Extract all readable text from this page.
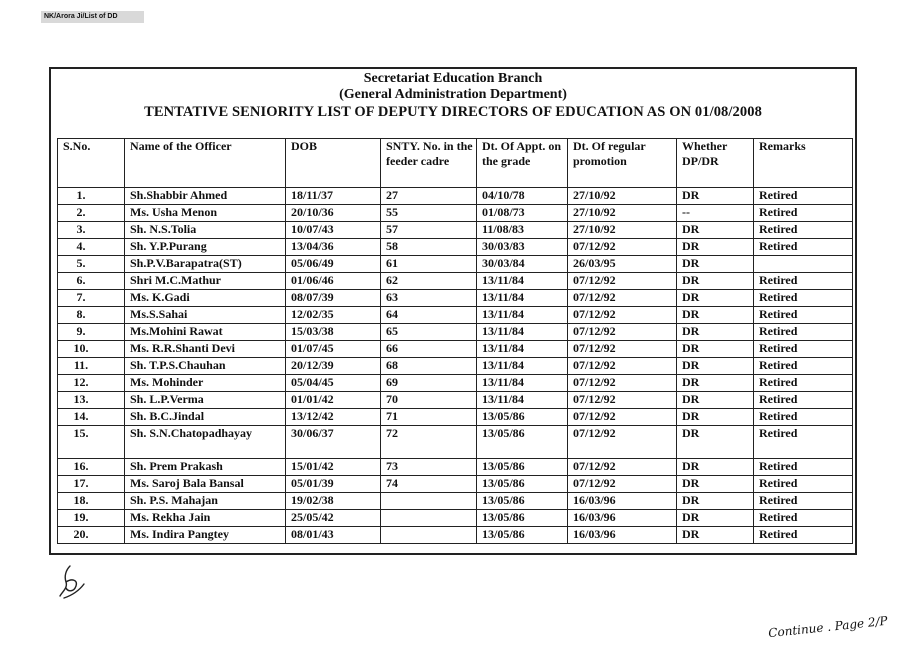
NK/Arora Ji/List of DD
Secretariat Education Branch
(General Administration Department)
TENTATIVE SENIORITY LIST OF DEPUTY DIRECTORS OF EDUCATION AS ON 01/08/2008
S.No.	Name of the Officer	DOB	SNTY. No. in the feeder cadre	Dt. Of Appt. on the grade	Dt. Of regular promotion	Whether DP/DR	Remarks
1.	Sh.Shabbir Ahmed	18/11/37	27	04/10/78	27/10/92	DR	Retired
2.	Ms. Usha Menon	20/10/36	55	01/08/73	27/10/92	--	Retired
3.	Sh. N.S.Tolia	10/07/43	57	11/08/83	27/10/92	DR	Retired
4.	Sh. Y.P.Purang	13/04/36	58	30/03/83	07/12/92	DR	Retired
5.	Sh.P.V.Barapatra(ST)	05/06/49	61	30/03/84	26/03/95	DR	
6.	Shri M.C.Mathur	01/06/46	62	13/11/84	07/12/92	DR	Retired
7.	Ms. K.Gadi	08/07/39	63	13/11/84	07/12/92	DR	Retired
8.	Ms.S.Sahai	12/02/35	64	13/11/84	07/12/92	DR	Retired
9.	Ms.Mohini Rawat	15/03/38	65	13/11/84	07/12/92	DR	Retired
10.	Ms. R.R.Shanti Devi	01/07/45	66	13/11/84	07/12/92	DR	Retired
11.	Sh. T.P.S.Chauhan	20/12/39	68	13/11/84	07/12/92	DR	Retired
12.	Ms. Mohinder	05/04/45	69	13/11/84	07/12/92	DR	Retired
13.	Sh. L.P.Verma	01/01/42	70	13/11/84	07/12/92	DR	Retired
14.	Sh. B.C.Jindal	13/12/42	71	13/05/86	07/12/92	DR	Retired
15.	Sh. S.N.Chatopadhayay	30/06/37	72	13/05/86	07/12/92	DR	Retired
16.	Sh. Prem Prakash	15/01/42	73	13/05/86	07/12/92	DR	Retired
17.	Ms. Saroj Bala Bansal	05/01/39	74	13/05/86	07/12/92	DR	Retired
18.	Sh. P.S. Mahajan	19/02/38		13/05/86	16/03/96	DR	Retired
19.	Ms. Rekha Jain	25/05/42		13/05/86	16/03/96	DR	Retired
20.	Ms. Indira Pangtey	08/01/43		13/05/86	16/03/96	DR	Retired
Continue . Page 2/P
